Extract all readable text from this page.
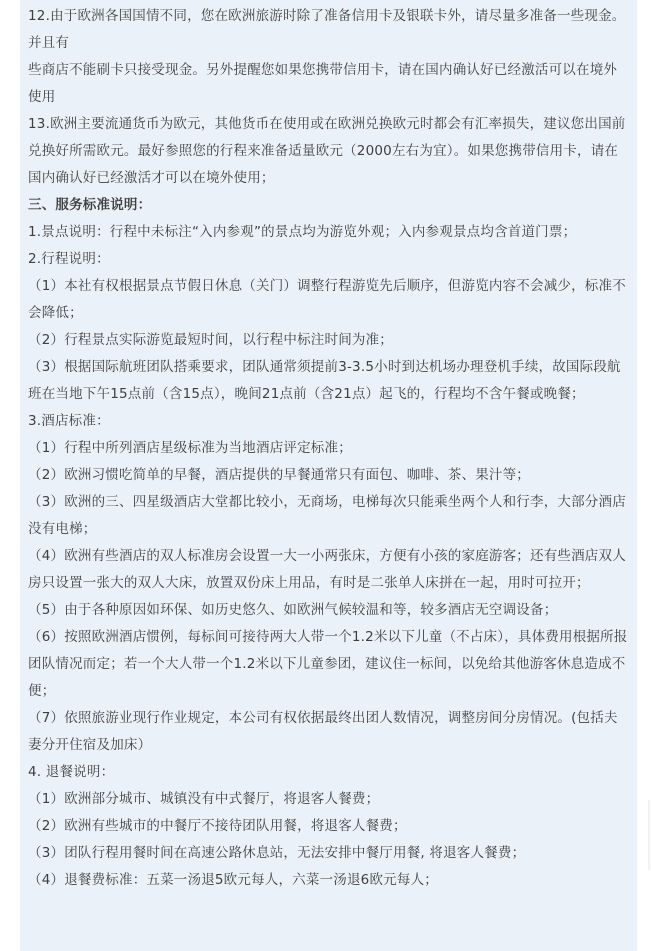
12.由于欧洲各国国情不同，您在欧洲旅游时除了准备信用卡及银联卡外，请尽量多准备一些现金。并且有

些商店不能刷卡只接受现金。另外提醒您如果您携带信用卡，请在国内确认好已经激活可以在境外使用

13.欧洲主要流通货币为欧元，其他货币在使用或在欧洲兑换欧元时都会有汇率损失，建议您出国前兑换好所需欧元。最好参照您的行程来准备适量欧元（2000左右为宜）。如果您携带信用卡，请在国内确认好已经激活才可以在境外使用；

三、服务标准说明：

1.景点说明：行程中未标注“入内参观”的景点均为游览外观；入内参观景点均含首道门票；

2.行程说明：

（1）本社有权根据景点节假日休息（关门）调整行程游览先后顺序，但游览内容不会减少，标准不会降低；

（2）行程景点实际游览最短时间，以行程中标注时间为准；

（3）根据国际航班团队搭乘要求，团队通常须提前3-3.5小时到达机场办理登机手续，故国际段航班在当地下午15点前（含15点），晚间21点前（含21点）起飞的，行程均不含午餐或晚餐；

3.酒店标准：

（1）行程中所列酒店星级标准为当地酒店评定标准；

（2）欧洲习惯吃简单的早餐，酒店提供的早餐通常只有面包、咖啡、茶、果汁等；

（3）欧洲的三、四星级酒店大堂都比较小，无商场，电梯每次只能乘坐两个人和行李，大部分酒店没有电梯；

（4）欧洲有些酒店的双人标准房会设置一大一小两张床，方便有小孩的家庭游客；还有些酒店双人房只设置一张大的双人大床，放置双份床上用品，有时是二张单人床拼在一起，用时可拉开；

（5）由于各种原因如环保、如历史悠久、如欧洲气候较温和等，较多酒店无空调设备；

（6）按照欧洲酒店惯例，每标间可接待两大人带一个1.2米以下儿童（不占床），具体费用根据所报团队情况而定；若一个大人带一个1.2米以下儿童参团，建议住一标间，以免给其他游客休息造成不便；

（7）依照旅游业现行作业规定，本公司有权依据最终出团人数情况，调整房间分房情况。(包括夫妻分开住宿及加床）

4. 退餐说明：

（1）欧洲部分城市、城镇没有中式餐厅，将退客人餐费；

（2）欧洲有些城市的中餐厅不接待团队用餐，将退客人餐费；

（3）团队行程用餐时间在高速公路休息站，无法安排中餐厅用餐, 将退客人餐费；

（4）退餐费标准：五菜一汤退5欧元每人，六菜一汤退6欧元每人；
